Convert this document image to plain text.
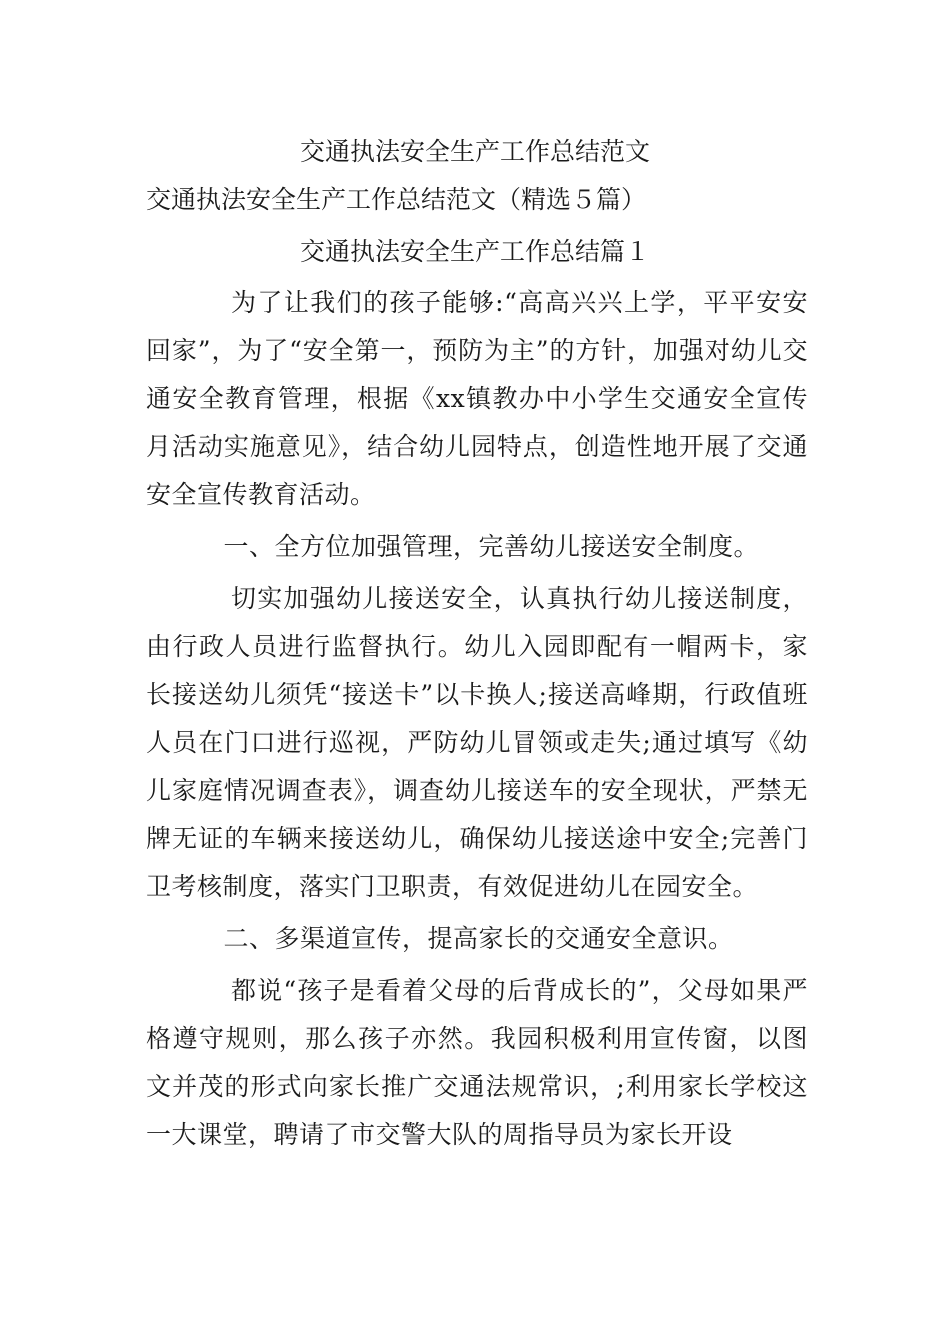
交通执法安全生产工作总结范文
交通执法安全生产工作总结范文（精选５篇）
交通执法安全生产工作总结篇１

为了让我们的孩子能够:“高高兴兴上学，平平安安回家”，为了“安全第一，预防为主”的方针，加强对幼儿交通安全教育管理，根据《xx镇教办中小学生交通安全宣传月活动实施意见》，结合幼儿园特点，创造性地开展了交通安全宣传教育活动。

一、全方位加强管理，完善幼儿接送安全制度。

切实加强幼儿接送安全，认真执行幼儿接送制度，由行政人员进行监督执行。幼儿入园即配有一帽两卡，家长接送幼儿须凭“接送卡”以卡换人;接送高峰期，行政值班人员在门口进行巡视，严防幼儿冒领或走失;通过填写《幼儿家庭情况调查表》，调查幼儿接送车的安全现状，严禁无牌无证的车辆来接送幼儿，确保幼儿接送途中安全;完善门卫考核制度，落实门卫职责，有效促进幼儿在园安全。

二、多渠道宣传，提高家长的交通安全意识。

都说“孩子是看着父母的后背成长的”，父母如果严格遵守规则，那么孩子亦然。我园积极利用宣传窗，以图文并茂的形式向家长推广交通法规常识，;利用家长学校这一大课堂，聘请了市交警大队的周指导员为家长开设
